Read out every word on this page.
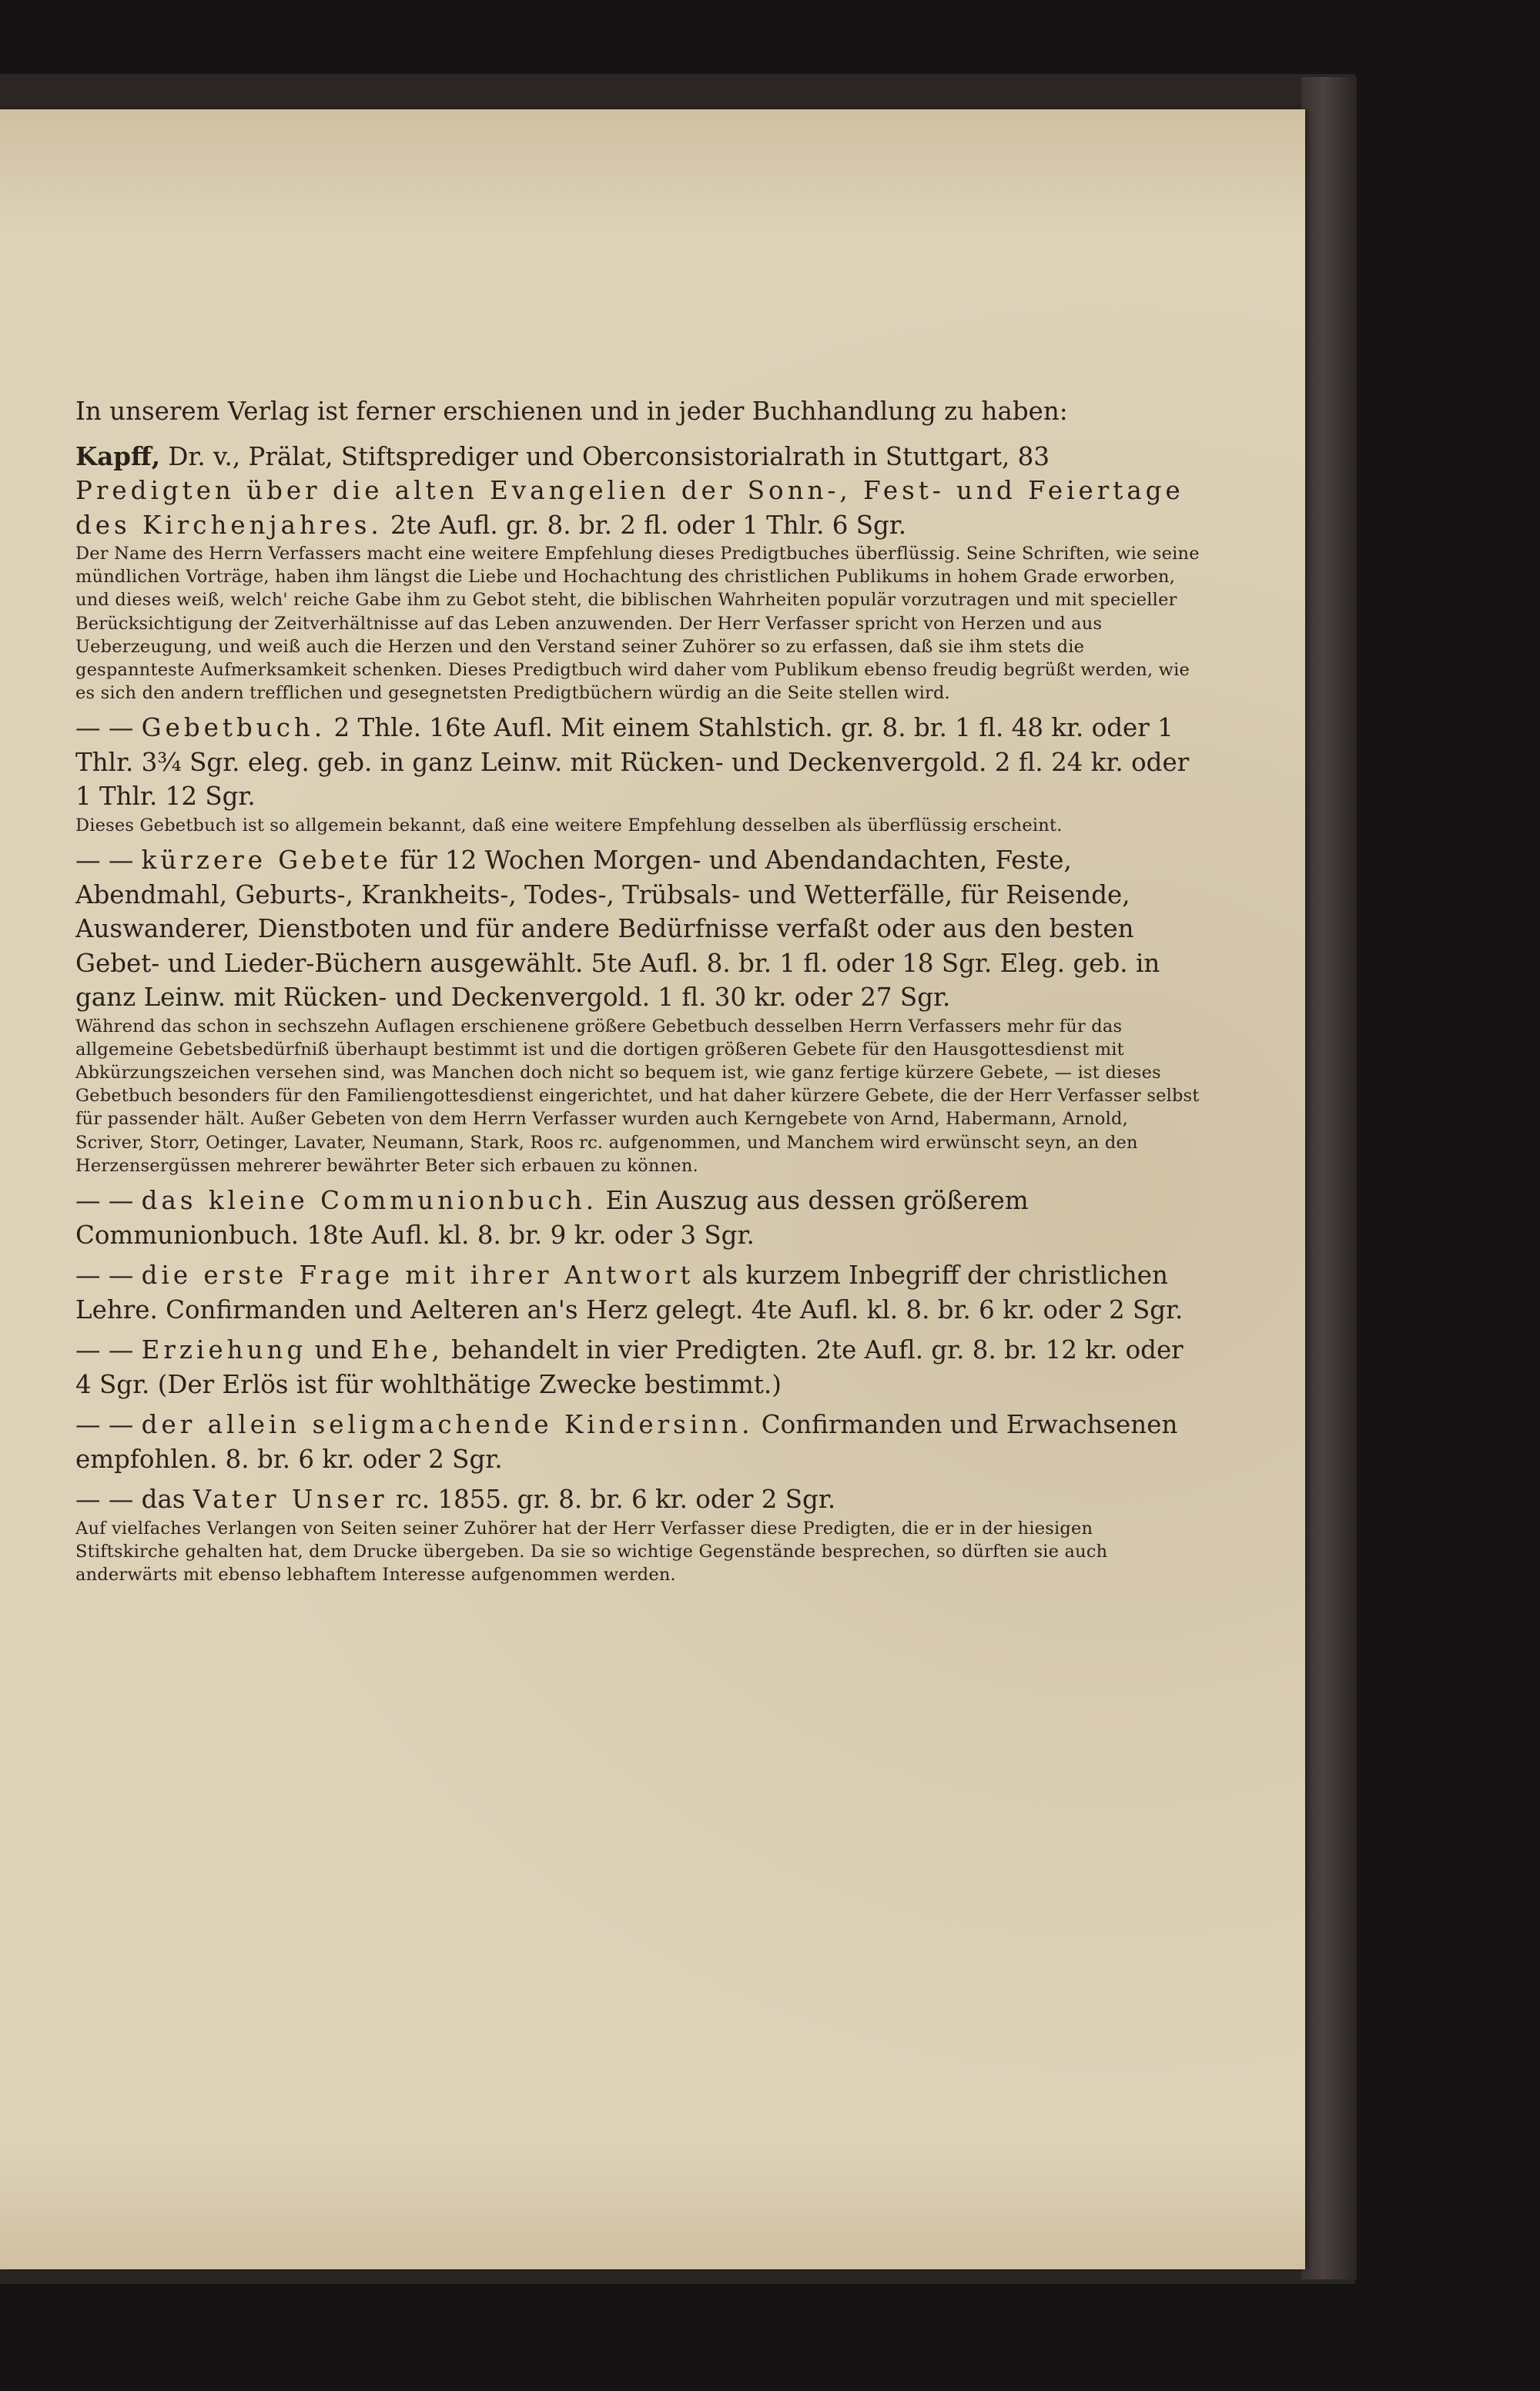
In unserem Verlag ist ferner erschienen und in jeder Buchhandlung zu haben:

Kapff, Dr. v., Prälat, Stiftsprediger und Oberconsistorialrath in Stuttgart, 83 Predigten über die alten Evangelien der Sonn-, Fest- und Feiertage des Kirchenjahres. 2te Aufl. gr. 8. br. 2 fl. oder 1 Thlr. 6 Sgr.

Der Name des Herrn Verfassers macht eine weitere Empfehlung dieses Predigtbuches überflüssig. Seine Schriften, wie seine mündlichen Vorträge, haben ihm längst die Liebe und Hochachtung des christlichen Publikums in hohem Grade erworben, und dieses weiß, welch' reiche Gabe ihm zu Gebot steht, die biblischen Wahrheiten populär vorzutragen und mit specieller Berücksichtigung der Zeitverhältnisse auf das Leben anzuwenden. Der Herr Verfasser spricht von Herzen und aus Ueberzeugung, und weiß auch die Herzen und den Verstand seiner Zuhörer so zu erfassen, daß sie ihm stets die gespannteste Aufmerksamkeit schenken. Dieses Predigtbuch wird daher vom Publikum ebenso freudig begrüßt werden, wie es sich den andern trefflichen und gesegnetsten Predigtbüchern würdig an die Seite stellen wird.

— — Gebetbuch. 2 Thle. 16te Aufl. Mit einem Stahlstich. gr. 8. br. 1 fl. 48 kr. oder 1 Thlr. 3¾ Sgr. eleg. geb. in ganz Leinw. mit Rücken- und Deckenvergold. 2 fl. 24 kr. oder 1 Thlr. 12 Sgr.

Dieses Gebetbuch ist so allgemein bekannt, daß eine weitere Empfehlung desselben als überflüssig erscheint.

— — kürzere Gebete für 12 Wochen Morgen- und Abendandachten, Feste, Abendmahl, Geburts-, Krankheits-, Todes-, Trübsals- und Wetterfälle, für Reisende, Auswanderer, Dienstboten und für andere Bedürfnisse verfaßt oder aus den besten Gebet- und Lieder-Büchern ausgewählt. 5te Aufl. 8. br. 1 fl. oder 18 Sgr. Eleg. geb. in ganz Leinw. mit Rücken- und Deckenvergold. 1 fl. 30 kr. oder 27 Sgr.

Während das schon in sechszehn Auflagen erschienene größere Gebetbuch desselben Herrn Verfassers mehr für das allgemeine Gebetsbedürfniß überhaupt bestimmt ist und die dortigen größeren Gebete für den Hausgottesdienst mit Abkürzungszeichen versehen sind, was Manchen doch nicht so bequem ist, wie ganz fertige kürzere Gebete, — ist dieses Gebetbuch besonders für den Familiengottesdienst eingerichtet, und hat daher kürzere Gebete, die der Herr Verfasser selbst für passender hält. Außer Gebeten von dem Herrn Verfasser wurden auch Kerngebete von Arnd, Habermann, Arnold, Scriver, Storr, Oetinger, Lavater, Neumann, Stark, Roos rc. aufgenommen, und Manchem wird erwünscht seyn, an den Herzensergüssen mehrerer bewährter Beter sich erbauen zu können.

— — das kleine Communionbuch. Ein Auszug aus dessen größerem Communionbuch. 18te Aufl. kl. 8. br. 9 kr. oder 3 Sgr.

— — die erste Frage mit ihrer Antwort als kurzem Inbegriff der christlichen Lehre. Confirmanden und Aelteren an's Herz gelegt. 4te Aufl. kl. 8. br. 6 kr. oder 2 Sgr.

— — Erziehung und Ehe, behandelt in vier Predigten. 2te Aufl. gr. 8. br. 12 kr. oder 4 Sgr. (Der Erlös ist für wohlthätige Zwecke bestimmt.)

— — der allein seligmachende Kindersinn. Confirmanden und Erwachsenen empfohlen. 8. br. 6 kr. oder 2 Sgr.

— — das Vater Unser rc. 1855. gr. 8. br. 6 kr. oder 2 Sgr.

Auf vielfaches Verlangen von Seiten seiner Zuhörer hat der Herr Verfasser diese Predigten, die er in der hiesigen Stiftskirche gehalten hat, dem Drucke übergeben. Da sie so wichtige Gegenstände besprechen, so dürften sie auch anderwärts mit ebenso lebhaftem Interesse aufgenommen werden.
